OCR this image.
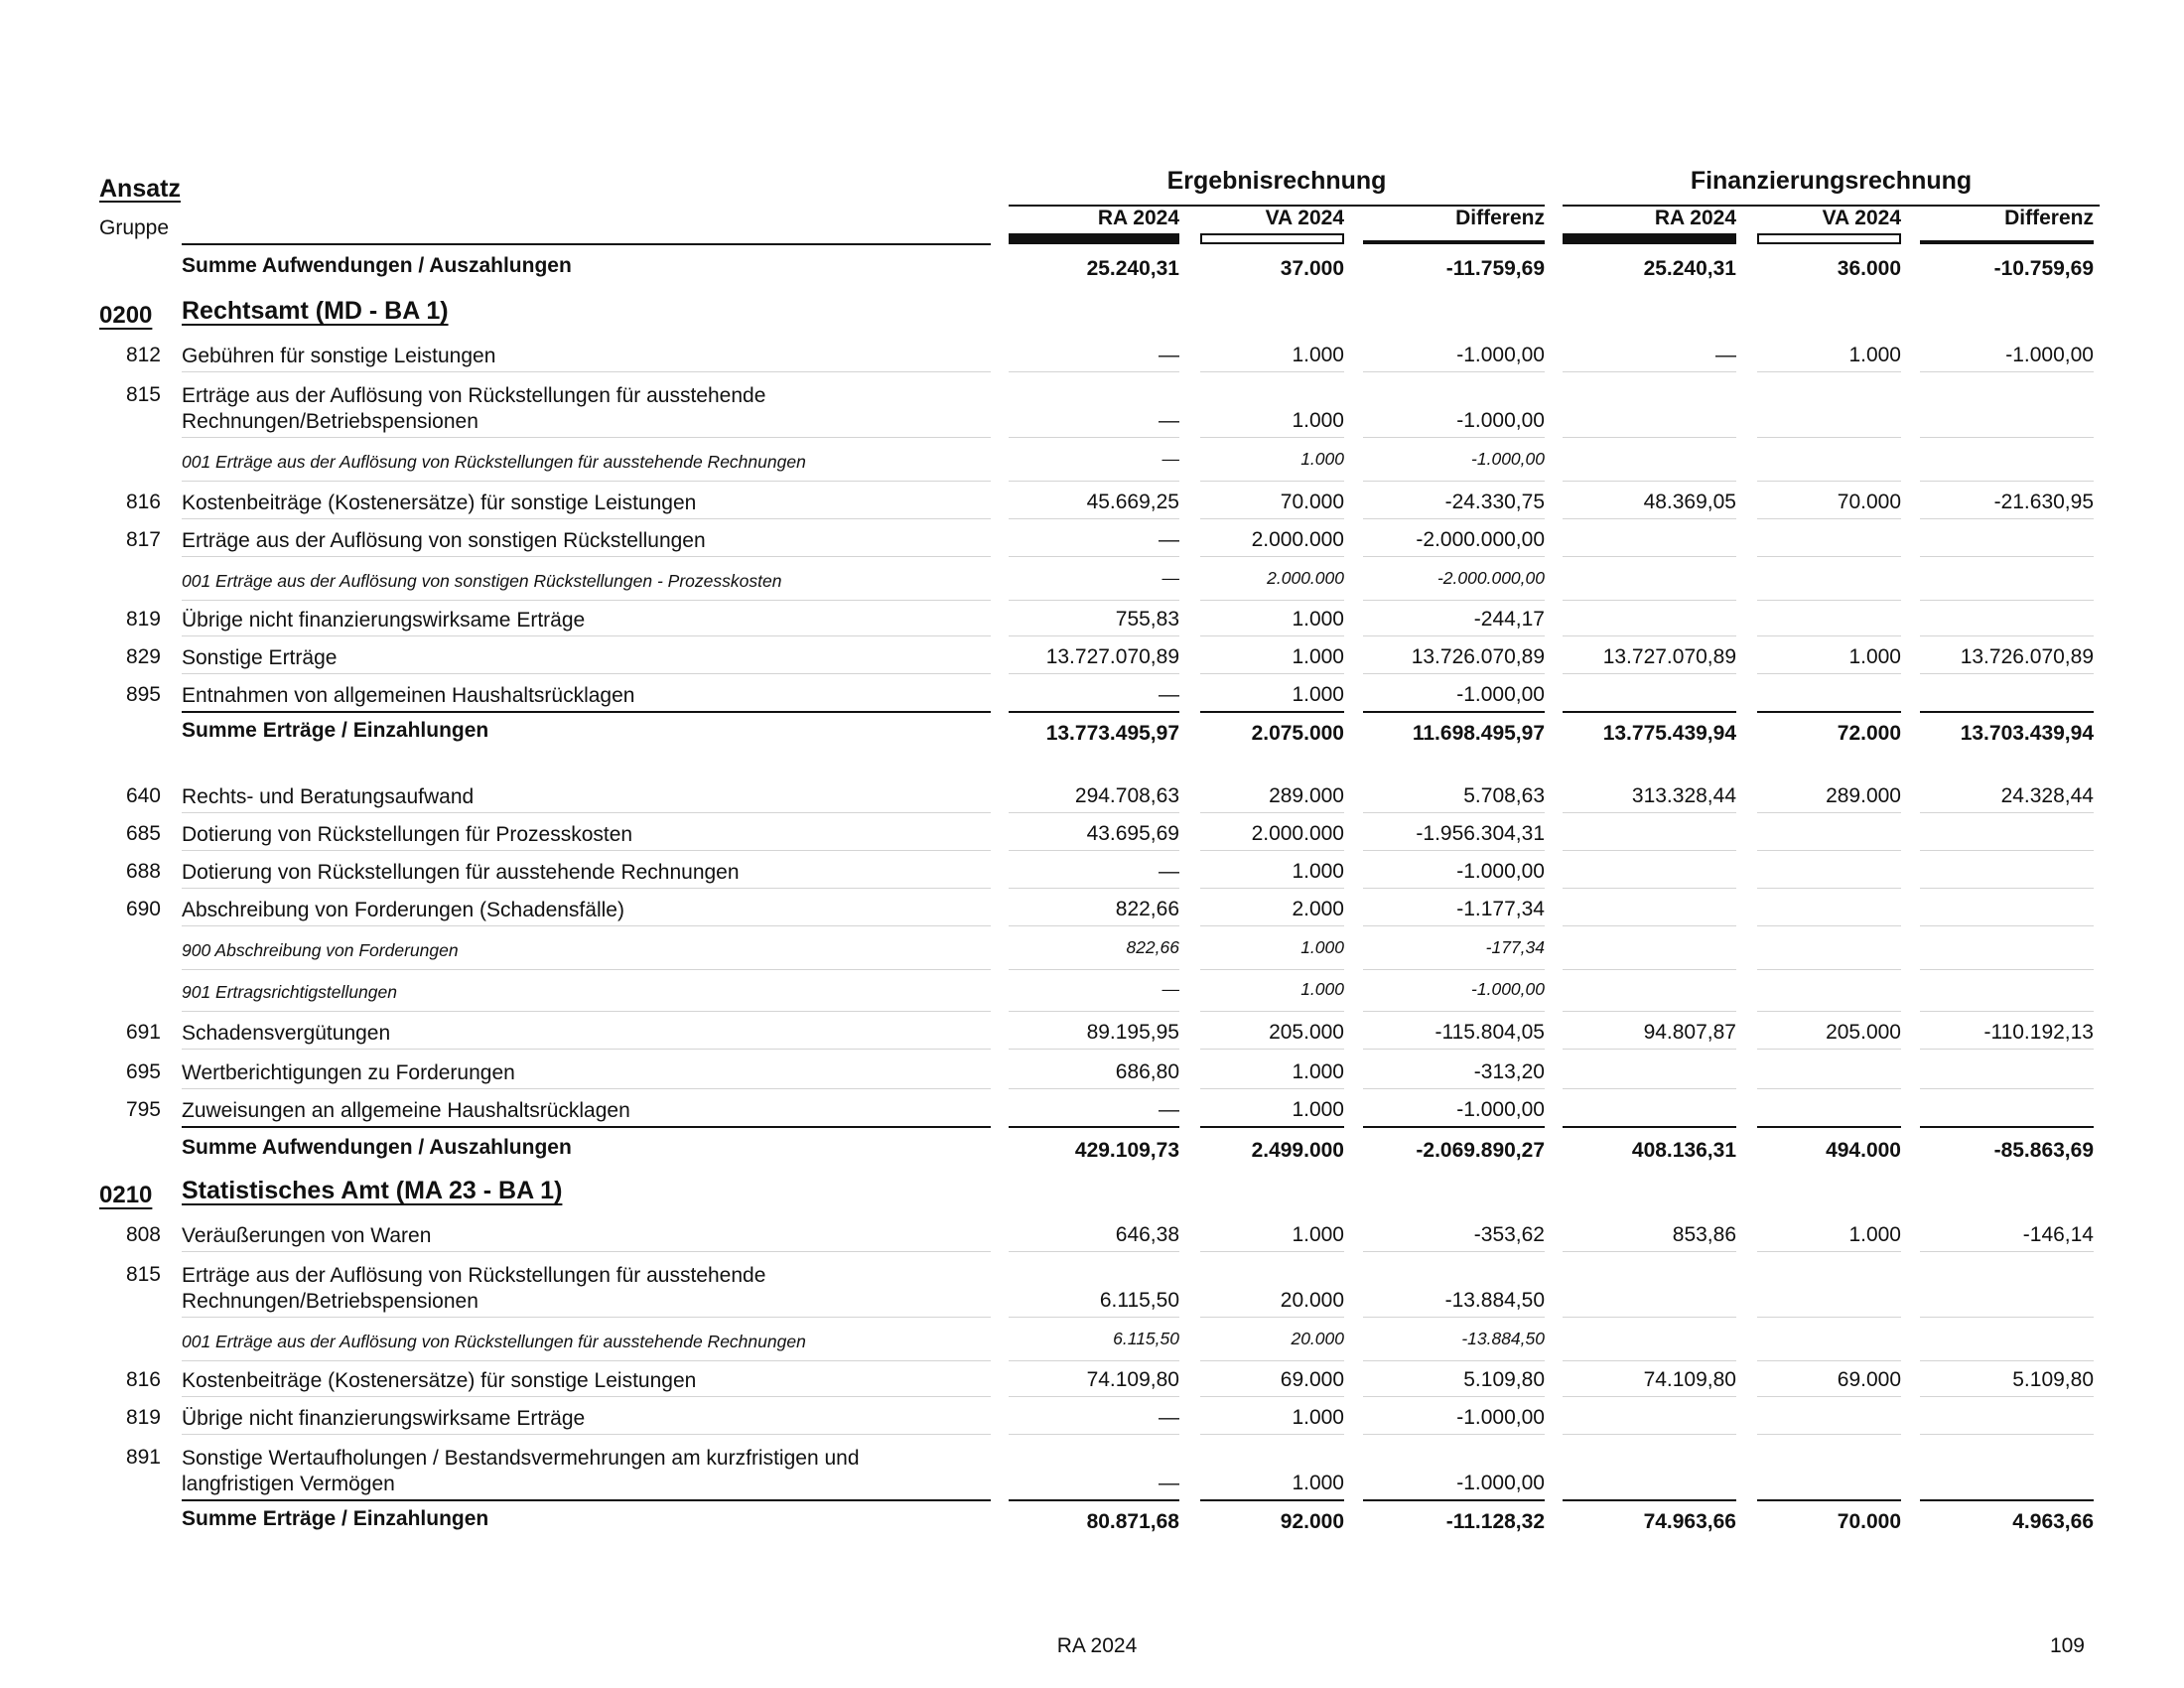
Ansatz
Gruppe
Ergebnisrechnung	Finanzierungsrechnung
RA 2024	VA 2024	Differenz	RA 2024	VA 2024	Differenz
Summe Aufwendungen / Auszahlungen	25.240,31	37.000	-11.759,69	25.240,31	36.000	-10.759,69
0200	Rechtsamt (MD - BA 1)
812 Gebühren für sonstige Leistungen	—	1.000	-1.000,00	—	1.000	-1.000,00
815 Erträge aus der Auflösung von Rückstellungen für ausstehende Rechnungen/Betriebspensionen	—	1.000	-1.000,00
001 Erträge aus der Auflösung von Rückstellungen für ausstehende Rechnungen	—	1.000	-1.000,00
816 Kostenbeiträge (Kostenersätze) für sonstige Leistungen	45.669,25	70.000	-24.330,75	48.369,05	70.000	-21.630,95
817 Erträge aus der Auflösung von sonstigen Rückstellungen	—	2.000.000	-2.000.000,00
001 Erträge aus der Auflösung von sonstigen Rückstellungen - Prozesskosten	—	2.000.000	-2.000.000,00
819 Übrige nicht finanzierungswirksame Erträge	755,83	1.000	-244,17
829 Sonstige Erträge	13.727.070,89	1.000	13.726.070,89	13.727.070,89	1.000	13.726.070,89
895 Entnahmen von allgemeinen Haushaltsrücklagen	—	1.000	-1.000,00
Summe Erträge / Einzahlungen	13.773.495,97	2.075.000	11.698.495,97	13.775.439,94	72.000	13.703.439,94
640 Rechts- und Beratungsaufwand	294.708,63	289.000	5.708,63	313.328,44	289.000	24.328,44
685 Dotierung von Rückstellungen für Prozesskosten	43.695,69	2.000.000	-1.956.304,31
688 Dotierung von Rückstellungen für ausstehende Rechnungen	—	1.000	-1.000,00
690 Abschreibung von Forderungen (Schadensfälle)	822,66	2.000	-1.177,34
900 Abschreibung von Forderungen	822,66	1.000	-177,34
901 Ertragsrichtigstellungen	—	1.000	-1.000,00
691 Schadensvergütungen	89.195,95	205.000	-115.804,05	94.807,87	205.000	-110.192,13
695 Wertberichtigungen zu Forderungen	686,80	1.000	-313,20
795 Zuweisungen an allgemeine Haushaltsrücklagen	—	1.000	-1.000,00
Summe Aufwendungen / Auszahlungen	429.109,73	2.499.000	-2.069.890,27	408.136,31	494.000	-85.863,69
0210	Statistisches Amt (MA 23 - BA 1)
808 Veräußerungen von Waren	646,38	1.000	-353,62	853,86	1.000	-146,14
815 Erträge aus der Auflösung von Rückstellungen für ausstehende Rechnungen/Betriebspensionen	6.115,50	20.000	-13.884,50
001 Erträge aus der Auflösung von Rückstellungen für ausstehende Rechnungen	6.115,50	20.000	-13.884,50
816 Kostenbeiträge (Kostenersätze) für sonstige Leistungen	74.109,80	69.000	5.109,80	74.109,80	69.000	5.109,80
819 Übrige nicht finanzierungswirksame Erträge	—	1.000	-1.000,00
891 Sonstige Wertaufholungen / Bestandsvermehrungen am kurzfristigen und langfristigen Vermögen	—	1.000	-1.000,00
Summe Erträge / Einzahlungen	80.871,68	92.000	-11.128,32	74.963,66	70.000	4.963,66
RA 2024	109
